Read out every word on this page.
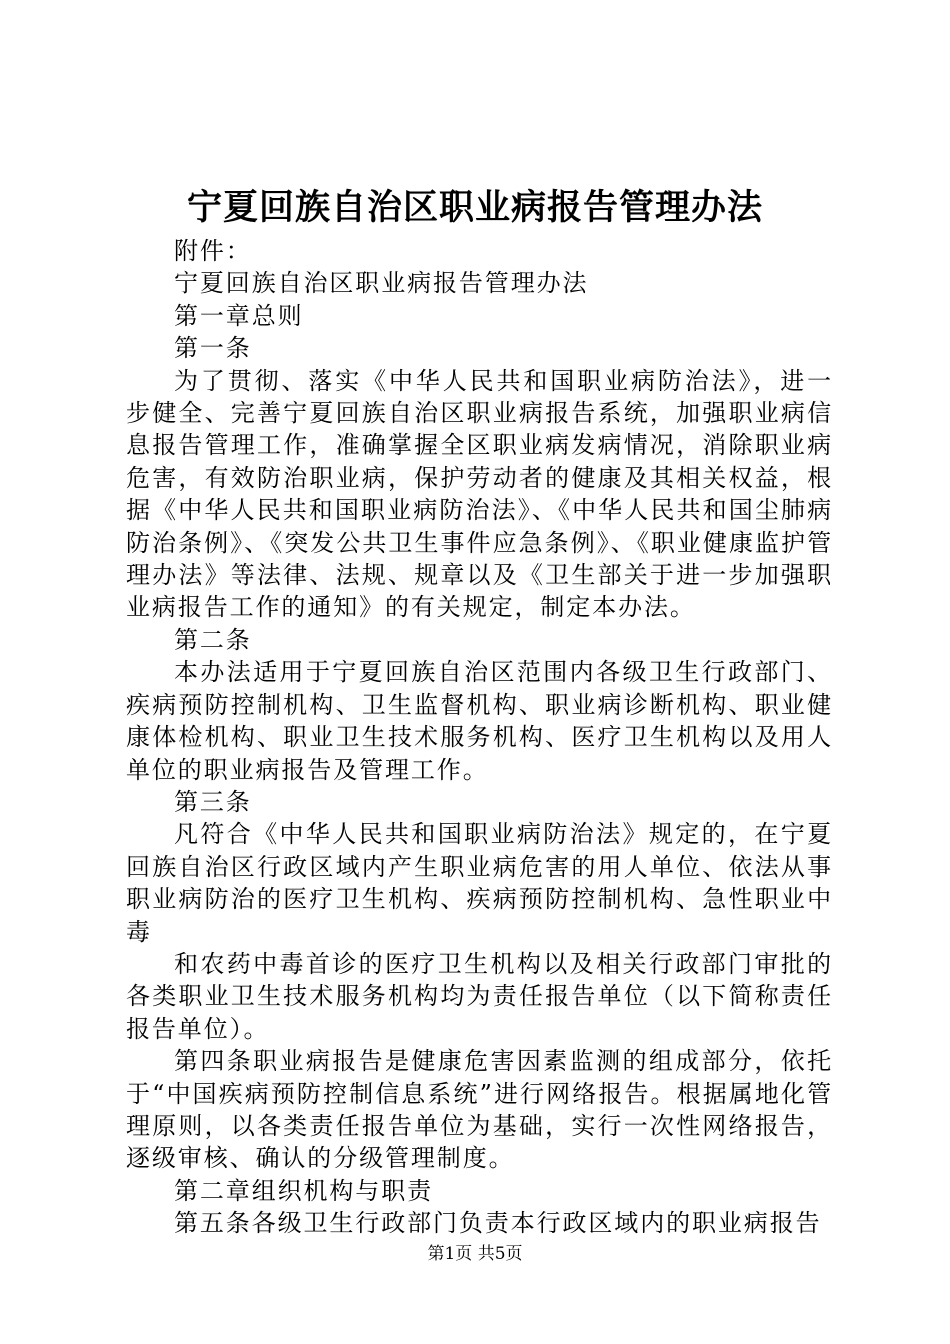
宁夏回族自治区职业病报告管理办法

附件：

宁夏回族自治区职业病报告管理办法

第一章总则

第一条

为了贯彻、落实《中华人民共和国职业病防治法》，进一步健全、完善宁夏回族自治区职业病报告系统，加强职业病信息报告管理工作，准确掌握全区职业病发病情况，消除职业病危害，有效防治职业病，保护劳动者的健康及其相关权益，根据《中华人民共和国职业病防治法》、《中华人民共和国尘肺病防治条例》、《突发公共卫生事件应急条例》、《职业健康监护管理办法》等法律、法规、规章以及《卫生部关于进一步加强职业病报告工作的通知》的有关规定，制定本办法。

第二条

本办法适用于宁夏回族自治区范围内各级卫生行政部门、疾病预防控制机构、卫生监督机构、职业病诊断机构、职业健康体检机构、职业卫生技术服务机构、医疗卫生机构以及用人单位的职业病报告及管理工作。

第三条

凡符合《中华人民共和国职业病防治法》规定的，在宁夏回族自治区行政区域内产生职业病危害的用人单位、依法从事职业病防治的医疗卫生机构、疾病预防控制机构、急性职业中毒

和农药中毒首诊的医疗卫生机构以及相关行政部门审批的各类职业卫生技术服务机构均为责任报告单位（以下简称责任报告单位）。

第四条职业病报告是健康危害因素监测的组成部分，依托于“中国疾病预防控制信息系统”进行网络报告。根据属地化管理原则，以各类责任报告单位为基础，实行一次性网络报告，逐级审核、确认的分级管理制度。

第二章组织机构与职责

第五条各级卫生行政部门负责本行政区域内的职业病报告

第1页 共5页
